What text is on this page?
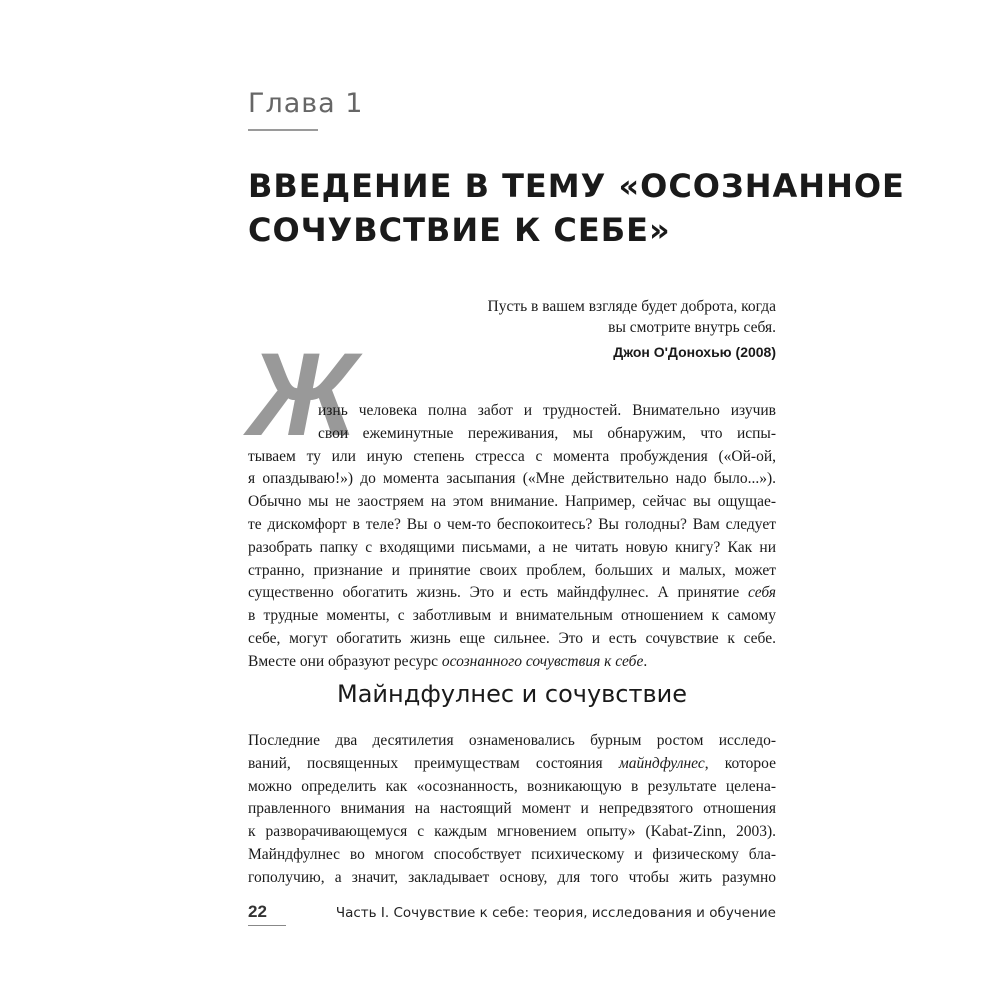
Глава 1
ВВЕДЕНИЕ В ТЕМУ «ОСОЗНАННОЕ
СОЧУВСТВИЕ К СЕБЕ»
Пусть в вашем взгляде будет доброта, когда
вы смотрите внутрь себя.
Джон О'Донохью (2008)
Ж
изнь человека полна забот и трудностей. Внимательно изучив
свои ежеминутные переживания, мы обнаружим, что испы-
тываем ту или иную степень стресса с момента пробуждения («Ой-ой,
я опаздываю!») до момента засыпания («Мне действительно надо было...»).
Обычно мы не заостряем на этом внимание. Например, сейчас вы ощущае-
те дискомфорт в теле? Вы о чем-то беспокоитесь? Вы голодны? Вам следует
разобрать папку с входящими письмами, а не читать новую книгу? Как ни
странно, признание и принятие своих проблем, больших и малых, может
существенно обогатить жизнь. Это и есть майндфулнес. А принятие себя
в трудные моменты, с заботливым и внимательным отношением к самому
себе, могут обогатить жизнь еще сильнее. Это и есть сочувствие к себе.
Вместе они образуют ресурс осознанного сочувствия к себе.
Майндфулнес и сочувствие
Последние два десятилетия ознаменовались бурным ростом исследо-
ваний, посвященных преимуществам состояния майндфулнес, которое
можно определить как «осознанность, возникающую в результате целена-
правленного внимания на настоящий момент и непредвзятого отношения
к разворачивающемуся с каждым мгновением опыту» (Kabat-Zinn, 2003).
Майндфулнес во многом способствует психическому и физическому бла-
гополучию, а значит, закладывает основу, для того чтобы жить разумно
22	Часть I. Сочувствие к себе: теория, исследования и обучение
